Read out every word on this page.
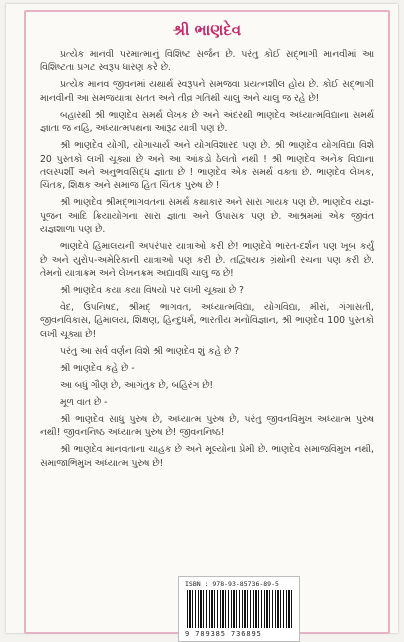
શ્રી ભાણદેવ

પ્રત્યેક માનવી પરમાત્માનું વિશિષ્ટ સર્જન છે. પરંતુ કોઈ સદ્ભાગી માનવીમાં આ વિશિષ્ટતા પ્રગટ સ્વરૂપ ધારણ કરે છે.

પ્રત્યેક માનવ જીવનમાં યથાર્થ સ્વરૂપને સમજવા પ્રયત્નશીલ હોય છે. કોઈ સદ્ભાગી માનવીની આ સમજયાત્રા સતત અને તીવ્ર ગતિથી ચાલુ અને ચાલુ જ રહે છે!

બહારથી શ્રી ભાણદેવ સમર્થ લેખક છે અને અંદરથી ભાણદેવ અધ્યાત્મવિદ્યાના સમર્થ જ્ઞાતા જ નહિ, અધ્યાત્મપથના આરૂઢ યાત્રી પણ છે.

શ્રી ભાણદેવ યોગી, યોગાચાર્ય અને યોગવિશારદ પણ છે. શ્રી ભાણદેવ યોગવિદ્યા વિશે 20 પુસ્તકો લખી ચૂક્યા છે અને આ આંકડો ઠેલતો નથી ! શ્રી ભાણદેવ અનેક વિદ્યાના તલસ્પર્શી અને અનુભવસિદ્ધ જ્ઞાતા છે ! ભાણદેવ એક સમર્થ વક્તા છે. ભાણદેવ લેખક, ચિંતક, શિક્ષક અને સમાજ હિત ચિંતક પુરુષ છે !

શ્રી ભાણદેવ શ્રીમદ્ભાગવતના સમર્થ કથાકાર અને સારા ગાયક પણ છે. ભાણદેવ યજ્ઞ-પૂજન આદિ ક્રિયાયોગના સારા જ્ઞાતા અને ઉપાસક પણ છે. આશ્રમમાં એક જીવંત યજ્ઞશાળા પણ છે.

ભાણદેવે હિમાલયની અપરંપાર યાત્રાઓ કરી છે! ભાણદેવે ભારત-દર્શન પણ ખૂબ કર્યું છે અને યુરોપ-અમેરિકાની યાત્રાઓ પણ કરી છે. તદ્વિષયક ગ્રંથોની રચના પણ કરી છે. તેમનો યાત્રાક્રમ અને લેખનક્રમ અદ્યાવધિ ચાલુ જ છે!

શ્રી ભાણદેવ કયા કયા વિષયો પર લખી ચૂક્યા છે ?

વેદ, ઉપનિષદ, શ્રીમદ્ ભાગવત, અધ્યાત્મવિદ્યા, યોગવિદ્યા, મીરાં, ગંગાસતી, જીવનવિકાસ, હિમાલય, શિક્ષણ, હિન્દુધર્મ, ભારતીય મનોવિજ્ઞાન, શ્રી ભાણદેવ 100 પુસ્તકો લખી ચૂક્યા છે!

પરંતુ આ સર્વ વર્ણન વિશે શ્રી ભાણદેવ શું કહે છે ?

શ્રી ભાણદેવ કહે છે -

આ બધું ગૌણ છે, આગંતુક છે, બહિરંગ છે!

મૂળ વાત છે -

શ્રી ભાણદેવ સાધુ પુરુષ છે, અધ્યાત્મ પુરુષ છે, પરંતુ જીવનવિમુખ અધ્યાત્મ પુરુષ નથી! જીવનનિષ્ઠ અધ્યાત્મ પુરુષ છે! જીવનનિષ્ઠ!

શ્રી ભાણદેવ માનવતાના ચાહક છે અને મૂલ્યોના પ્રેમી છે. ભાણદેવ સમાજવિમુખ નથી, સમાજાભિમુખ અધ્યાત્મ પુરુષ છે!

ISBN : 978-93-85736-89-5
9 789385 736895
